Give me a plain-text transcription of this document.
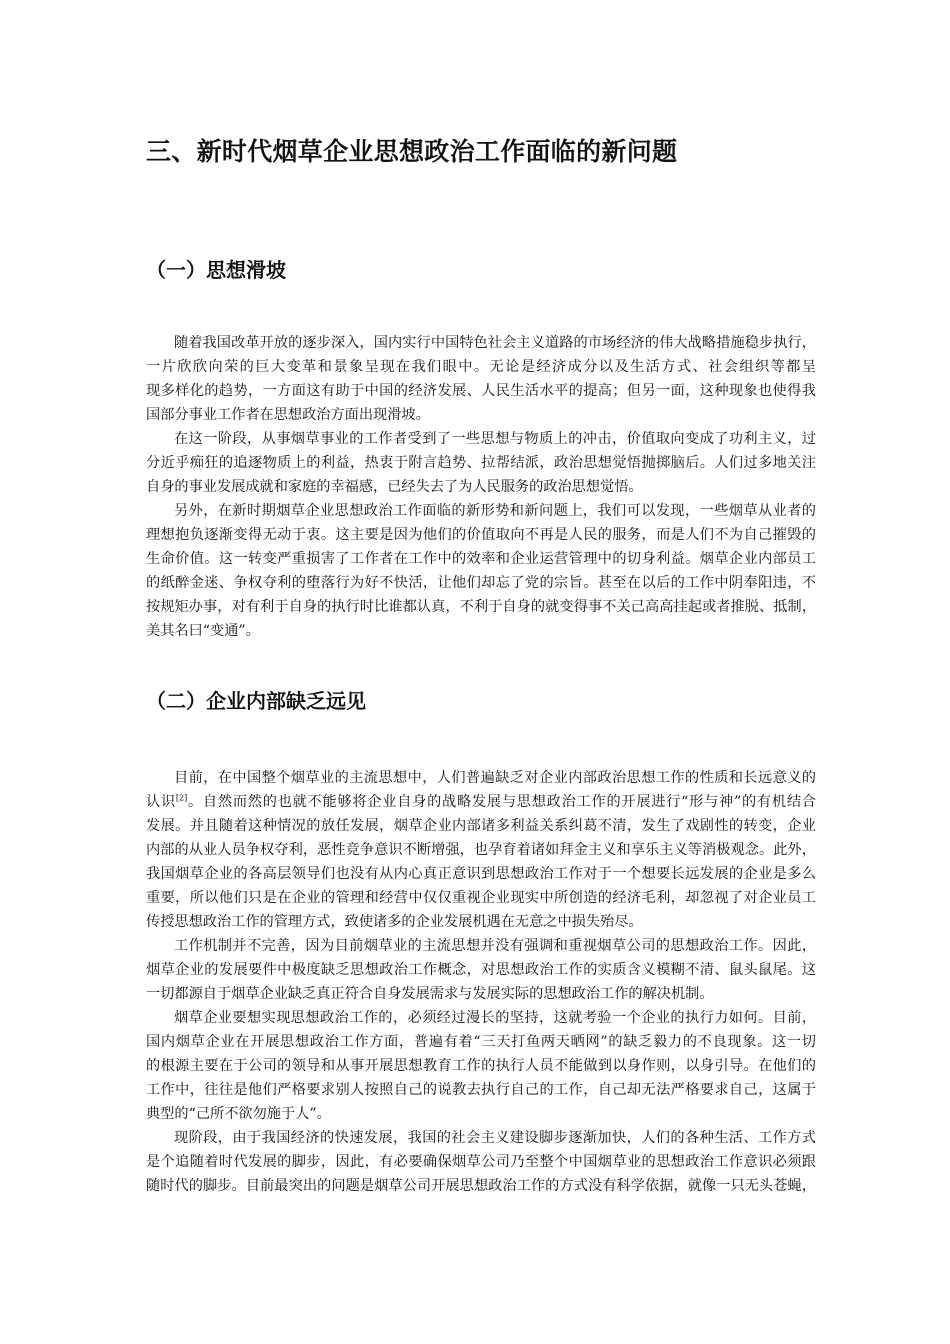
三、新时代烟草企业思想政治工作面临的新问题
（一）思想滑坡
随着我国改革开放的逐步深入，国内实行中国特色社会主义道路的市场经济的伟大战略措施稳步执行，
一片欣欣向荣的巨大变革和景象呈现在我们眼中。无论是经济成分以及生活方式、社会组织等都呈
现多样化的趋势，一方面这有助于中国的经济发展、人民生活水平的提高；但另一面，这种现象也使得我
国部分事业工作者在思想政治方面出现滑坡。
在这一阶段，从事烟草事业的工作者受到了一些思想与物质上的冲击，价值取向变成了功利主义，过
分近乎痴狂的追逐物质上的利益，热衷于附言趋势、拉帮结派，政治思想觉悟抛掷脑后。人们过多地关注
自身的事业发展成就和家庭的幸福感，已经失去了为人民服务的政治思想觉悟。
另外，在新时期烟草企业思想政治工作面临的新形势和新问题上，我们可以发现，一些烟草从业者的
理想抱负逐渐变得无动于衷。这主要是因为他们的价值取向不再是人民的服务，而是人们不为自己摧毁的
生命价值。这一转变严重损害了工作者在工作中的效率和企业运营管理中的切身利益。烟草企业内部员工
的纸醉金迷、争权夺利的堕落行为好不快活，让他们却忘了党的宗旨。甚至在以后的工作中阴奉阳违，不
按规矩办事，对有利于自身的执行时比谁都认真，不利于自身的就变得事不关己高高挂起或者推脱、抵制，
美其名曰“变通”。
（二）企业内部缺乏远见
目前，在中国整个烟草业的主流思想中，人们普遍缺乏对企业内部政治思想工作的性质和长远意义的
认识[2]。自然而然的也就不能够将企业自身的战略发展与思想政治工作的开展进行“形与神”的有机结合
发展。并且随着这种情况的放任发展，烟草企业内部诸多利益关系纠葛不清，发生了戏剧性的转变，企业
内部的从业人员争权夺利，恶性竞争意识不断增强，也孕育着诸如拜金主义和享乐主义等消极观念。此外，
我国烟草企业的各高层领导们也没有从内心真正意识到思想政治工作对于一个想要长远发展的企业是多么
重要，所以他们只是在企业的管理和经营中仅仅重视企业现实中所创造的经济毛利，却忽视了对企业员工
传授思想政治工作的管理方式，致使诸多的企业发展机遇在无意之中损失殆尽。
工作机制并不完善，因为目前烟草业的主流思想并没有强调和重视烟草公司的思想政治工作。因此，
烟草企业的发展要件中极度缺乏思想政治工作概念，对思想政治工作的实质含义模糊不清、鼠头鼠尾。这
一切都源自于烟草企业缺乏真正符合自身发展需求与发展实际的思想政治工作的解决机制。
烟草企业要想实现思想政治工作的，必须经过漫长的坚持，这就考验一个企业的执行力如何。目前，
国内烟草企业在开展思想政治工作方面，普遍有着“三天打鱼两天晒网”的缺乏毅力的不良现象。这一切
的根源主要在于公司的领导和从事开展思想教育工作的执行人员不能做到以身作则，以身引导。在他们的
工作中，往往是他们严格要求别人按照自己的说教去执行自己的工作，自己却无法严格要求自己，这属于
典型的“己所不欲勿施于人”。
现阶段，由于我国经济的快速发展，我国的社会主义建设脚步逐渐加快，人们的各种生活、工作方式
是个追随着时代发展的脚步，因此，有必要确保烟草公司乃至整个中国烟草业的思想政治工作意识必须跟
随时代的脚步。目前最突出的问题是烟草公司开展思想政治工作的方式没有科学依据，就像一只无头苍蝇，
